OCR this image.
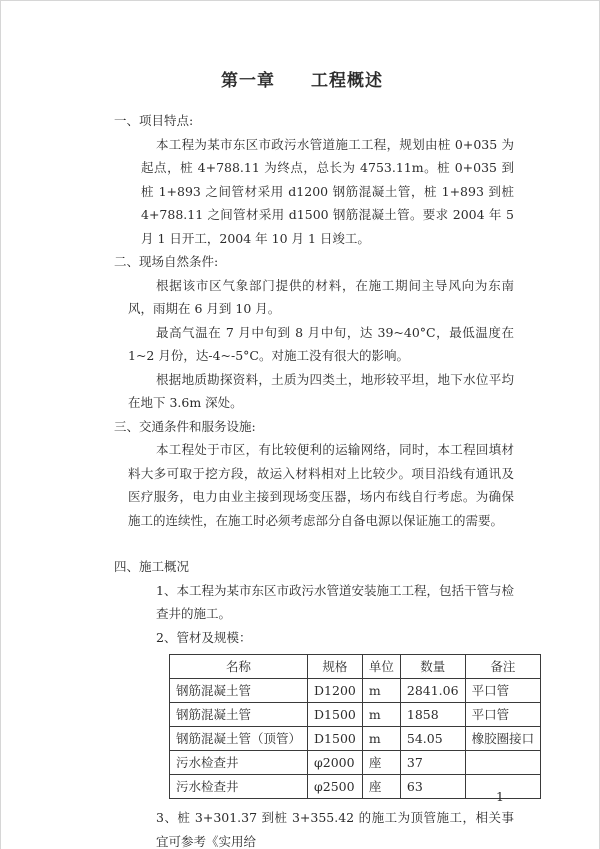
第一章　　工程概述
一、项目特点:

本工程为某市东区市政污水管道施工工程，规划由桩 0+035 为起点，桩 4+788.11 为终点，总长为 4753.11m。桩 0+035 到桩 1+893 之间管材采用 d1200 钢筋混凝土管，桩 1+893 到桩 4+788.11 之间管材采用 d1500 钢筋混凝土管。要求 2004 年 5 月 1 日开工，2004 年 10 月 1 日竣工。

二、现场自然条件:

根据该市区气象部门提供的材料，在施工期间主导风向为东南风，雨期在 6 月到 10 月。

最高气温在 7 月中旬到 8 月中旬，达 39~40°C，最低温度在 1~2 月份，达-4~-5°C。对施工没有很大的影响。

根据地质勘探资料，土质为四类土，地形较平坦，地下水位平均在地下 3.6m 深处。

三、交通条件和服务设施:

本工程处于市区，有比较便利的运输网络，同时，本工程回填材料大多可取于挖方段，故运入材料相对上比较少。项目沿线有通讯及医疗服务，电力由业主接到现场变压器，场内布线自行考虑。为确保施工的连续性，在施工时必须考虑部分自备电源以保证施工的需要。

四、施工概况

1、本工程为某市东区市政污水管道安装施工工程，包括干管与检查井的施工。

2、管材及规模：

名称	规格	单位	数量	备注
钢筋混凝土管	D1200	m	2841.06	平口管
钢筋混凝土管	D1500	m	1858	平口管
钢筋混凝土管（顶管）	D1500	m	54.05	橡胶圈接口
污水检查井	φ2000	座	37	
污水检查井	φ2500	座	63	

3、桩 3+301.37 到桩 3+355.42 的施工为顶管施工，相关事宜可参考《实用给

1
